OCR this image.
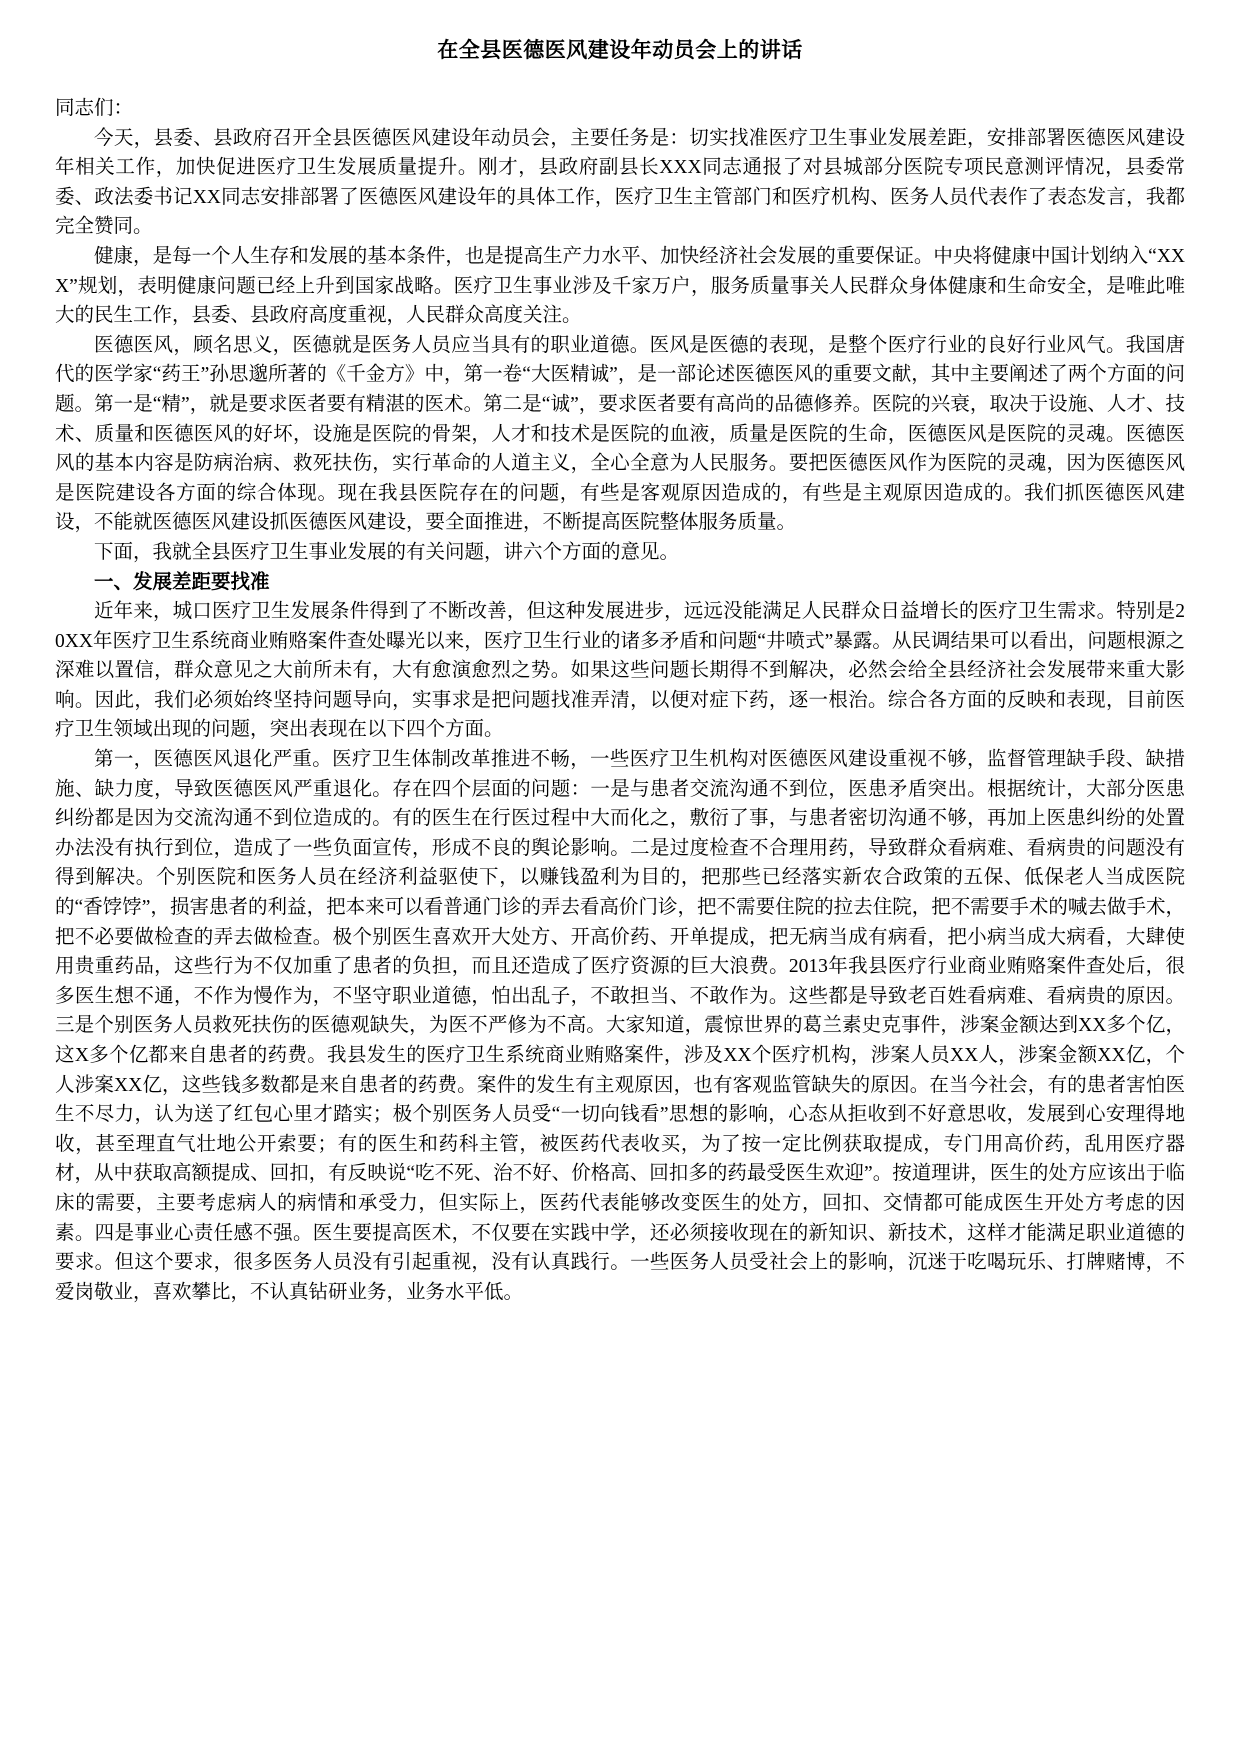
在全县医德医风建设年动员会上的讲话

同志们：

今天，县委、县政府召开全县医德医风建设年动员会，主要任务是：切实找准医疗卫生事业发展差距，安排部署医德医风建设年相关工作，加快促进医疗卫生发展质量提升。刚才，县政府副县长XXX同志通报了对县城部分医院专项民意测评情况，县委常委、政法委书记XX同志安排部署了医德医风建设年的具体工作，医疗卫生主管部门和医疗机构、医务人员代表作了表态发言，我都完全赞同。

健康，是每一个人生存和发展的基本条件，也是提高生产力水平、加快经济社会发展的重要保证。中央将健康中国计划纳入“XXX”规划，表明健康问题已经上升到国家战略。医疗卫生事业涉及千家万户，服务质量事关人民群众身体健康和生命安全，是唯此唯大的民生工作，县委、县政府高度重视，人民群众高度关注。

医德医风，顾名思义，医德就是医务人员应当具有的职业道德。医风是医德的表现，是整个医疗行业的良好行业风气。我国唐代的医学家“药王”孙思邈所著的《千金方》中，第一卷“大医精诚”，是一部论述医德医风的重要文献，其中主要阐述了两个方面的问题。第一是“精”，就是要求医者要有精湛的医术。第二是“诚”，要求医者要有高尚的品德修养。医院的兴衰，取决于设施、人才、技术、质量和医德医风的好坏，设施是医院的骨架，人才和技术是医院的血液，质量是医院的生命，医德医风是医院的灵魂。医德医风的基本内容是防病治病、救死扶伤，实行革命的人道主义，全心全意为人民服务。要把医德医风作为医院的灵魂，因为医德医风是医院建设各方面的综合体现。现在我县医院存在的问题，有些是客观原因造成的，有些是主观原因造成的。我们抓医德医风建设，不能就医德医风建设抓医德医风建设，要全面推进，不断提高医院整体服务质量。

下面，我就全县医疗卫生事业发展的有关问题，讲六个方面的意见。

一、发展差距要找准

近年来，城口医疗卫生发展条件得到了不断改善，但这种发展进步，远远没能满足人民群众日益增长的医疗卫生需求。特别是20XX年医疗卫生系统商业贿赂案件查处曝光以来，医疗卫生行业的诸多矛盾和问题“井喷式”暴露。从民调结果可以看出，问题根源之深难以置信，群众意见之大前所未有，大有愈演愈烈之势。如果这些问题长期得不到解决，必然会给全县经济社会发展带来重大影响。因此，我们必须始终坚持问题导向，实事求是把问题找准弄清，以便对症下药，逐一根治。综合各方面的反映和表现，目前医疗卫生领域出现的问题，突出表现在以下四个方面。

第一，医德医风退化严重。医疗卫生体制改革推进不畅，一些医疗卫生机构对医德医风建设重视不够，监督管理缺手段、缺措施、缺力度，导致医德医风严重退化。存在四个层面的问题：一是与患者交流沟通不到位，医患矛盾突出。根据统计，大部分医患纠纷都是因为交流沟通不到位造成的。有的医生在行医过程中大而化之，敷衍了事，与患者密切沟通不够，再加上医患纠纷的处置办法没有执行到位，造成了一些负面宣传，形成不良的舆论影响。二是过度检查不合理用药，导致群众看病难、看病贵的问题没有得到解决。个别医院和医务人员在经济利益驱使下，以赚钱盈利为目的，把那些已经落实新农合政策的五保、低保老人当成医院的“香饽饽”，损害患者的利益，把本来可以看普通门诊的弄去看高价门诊，把不需要住院的拉去住院，把不需要手术的喊去做手术，把不必要做检查的弄去做检查。极个别医生喜欢开大处方、开高价药、开单提成，把无病当成有病看，把小病当成大病看，大肆使用贵重药品，这些行为不仅加重了患者的负担，而且还造成了医疗资源的巨大浪费。2013年我县医疗行业商业贿赂案件查处后，很多医生想不通，不作为慢作为，不坚守职业道德，怕出乱子，不敢担当、不敢作为。这些都是导致老百姓看病难、看病贵的原因。三是个别医务人员救死扶伤的医德观缺失，为医不严修为不高。大家知道，震惊世界的葛兰素史克事件，涉案金额达到XX多个亿，这X多个亿都来自患者的药费。我县发生的医疗卫生系统商业贿赂案件，涉及XX个医疗机构，涉案人员XX人，涉案金额XX亿，个人涉案XX亿，这些钱多数都是来自患者的药费。案件的发生有主观原因，也有客观监管缺失的原因。在当今社会，有的患者害怕医生不尽力，认为送了红包心里才踏实；极个别医务人员受“一切向钱看”思想的影响，心态从拒收到不好意思收，发展到心安理得地收，甚至理直气壮地公开索要；有的医生和药科主管，被医药代表收买，为了按一定比例获取提成，专门用高价药，乱用医疗器材，从中获取高额提成、回扣，有反映说“吃不死、治不好、价格高、回扣多的药最受医生欢迎”。按道理讲，医生的处方应该出于临床的需要，主要考虑病人的病情和承受力，但实际上，医药代表能够改变医生的处方，回扣、交情都可能成医生开处方考虑的因素。四是事业心责任感不强。医生要提高医术，不仅要在实践中学，还必须接收现在的新知识、新技术，这样才能满足职业道德的要求。但这个要求，很多医务人员没有引起重视，没有认真践行。一些医务人员受社会上的影响，沉迷于吃喝玩乐、打牌赌博，不爱岗敬业，喜欢攀比，不认真钻研业务，业务水平低。
